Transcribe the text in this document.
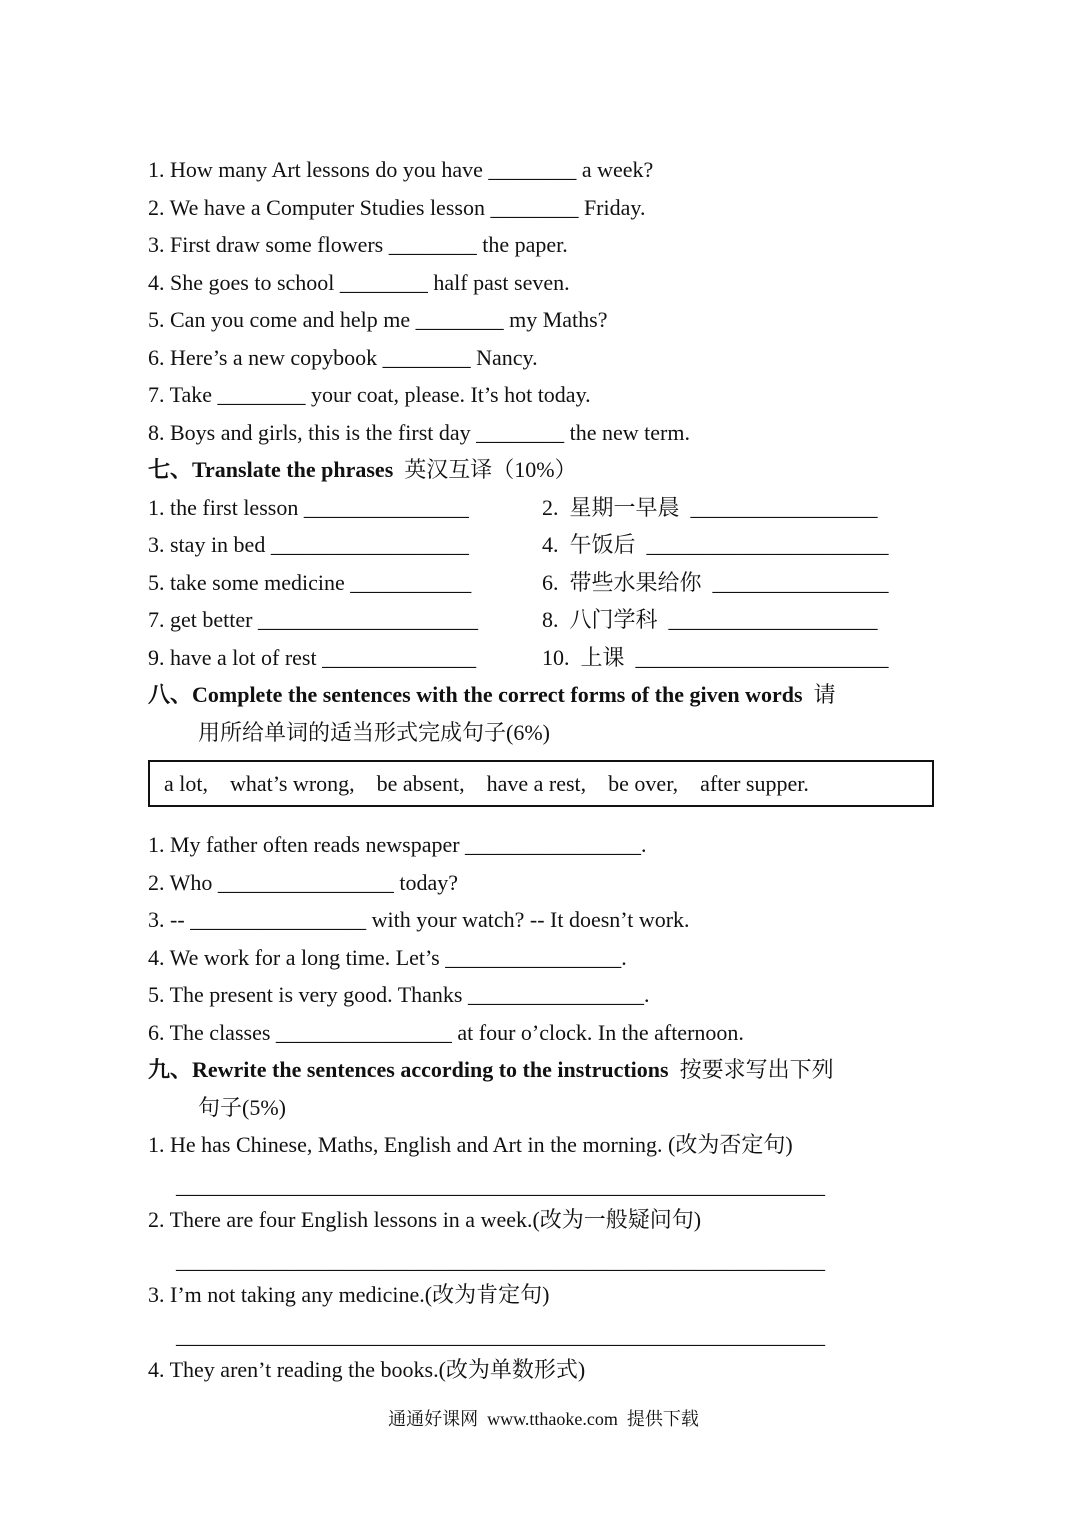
1. How many Art lessons do you have ________ a week?
2. We have a Computer Studies lesson ________ Friday.
3. First draw some flowers ________ the paper.
4. She goes to school ________ half past seven.
5. Can you come and help me ________ my Maths?
6. Here’s a new copybook ________ Nancy.
7. Take ________ your coat, please. It’s hot today.
8. Boys and girls, this is the first day ________ the new term.
七、Translate the phrases 英汉互译（10%）
1. the first lesson _______________	2.  星期一早晨  _________________
3. stay in bed __________________	4.  午饭后  ______________________
5. take some medicine ___________	6.  带些水果给你  ________________
7. get better ____________________	8.  八门学科  ___________________
9. have a lot of rest ______________	10.  上课  _______________________
八、Complete the sentences with the correct forms of the given words 请
用所给单词的适当形式完成句子(6%)
a lot,    what’s wrong,    be absent,    have a rest,    be over,    after supper.
1. My father often reads newspaper ________________.
2. Who ________________ today?
3. -- ________________ with your watch? -- It doesn’t work.
4. We work for a long time. Let’s ________________.
5. The present is very good. Thanks ________________.
6. The classes ________________ at four o’clock. In the afternoon.
九、Rewrite the sentences according to the instructions 按要求写出下列
句子(5%)
1. He has Chinese, Maths, English and Art in the morning. (改为否定句)
___________________________________________________________
2. There are four English lessons in a week.(改为一般疑问句)
___________________________________________________________
3. I’m not taking any medicine.(改为肯定句)
___________________________________________________________
4. They aren’t reading the books.(改为单数形式)
通通好课网  www.tthaoke.com  提供下载
